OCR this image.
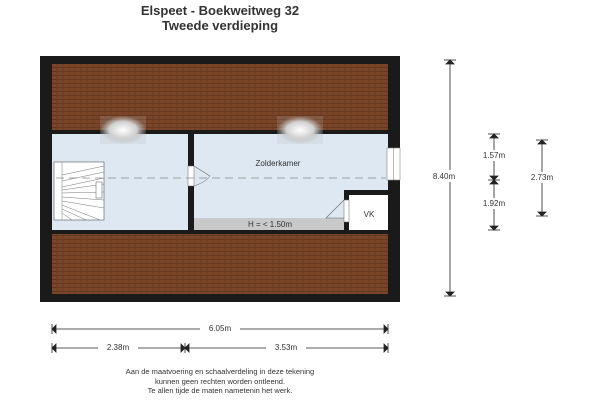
Elspeet - Boekweitweg 32
Tweede verdieping
Zolderkamer
H = < 1.50m
VK
8.40m
1.57m
1.92m
2.73m
6.05m
2.38m	3.53m
Aan de maatvoering en schaalverdeling in deze tekening
kunnen geen rechten worden ontleend.
Te allen tijde de maten nametenin het werk.
